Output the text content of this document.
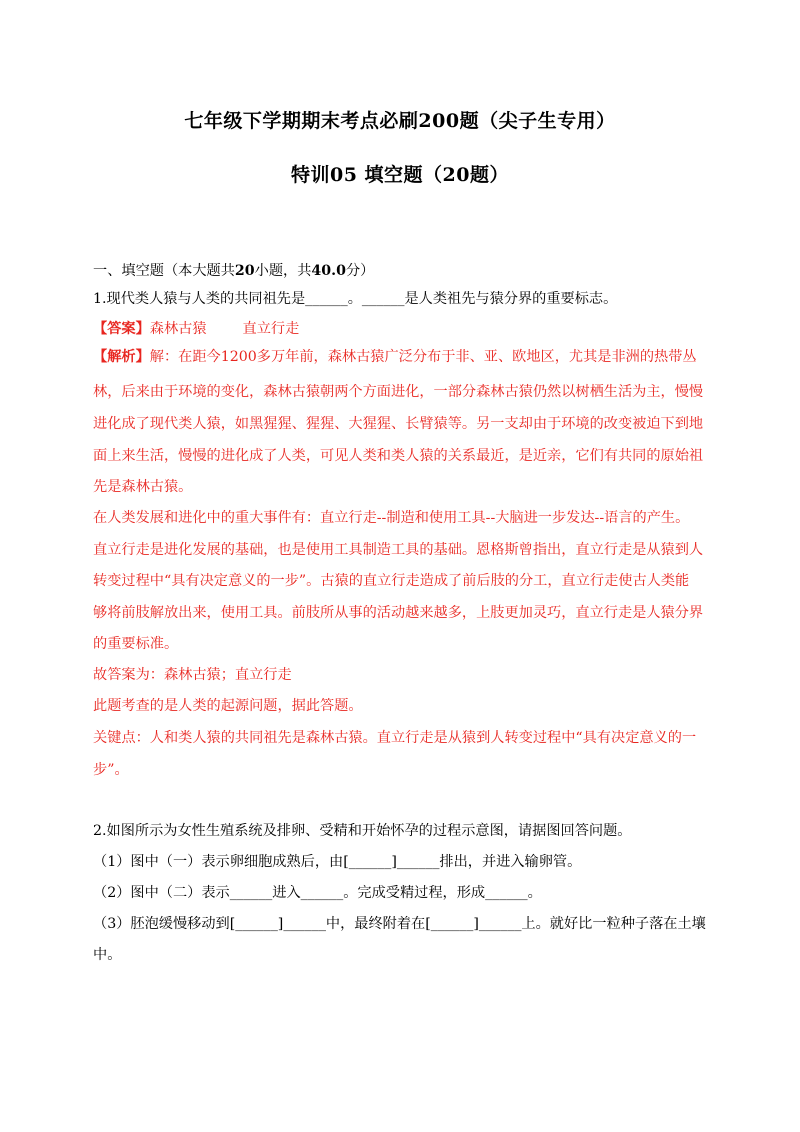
七年级下学期期末考点必刷200题（尖子生专用）
特训05 填空题（20题）
一、填空题（本大题共20小题，共40.0分）
1.现代类人猿与人类的共同祖先是______。______是人类祖先与猿分界的重要标志。
【答案】森林古猿	直立行走
【解析】解：在距今1200多万年前，森林古猿广泛分布于非、亚、欧地区，尤其是非洲的热带丛
林，后来由于环境的变化，森林古猿朝两个方面进化，一部分森林古猿仍然以树栖生活为主，慢慢
进化成了现代类人猿，如黑猩猩、猩猩、大猩猩、长臂猿等。另一支却由于环境的改变被迫下到地
面上来生活，慢慢的进化成了人类，可见人类和类人猿的关系最近，是近亲，它们有共同的原始祖
先是森林古猿。
在人类发展和进化中的重大事件有：直立行走--制造和使用工具--大脑进一步发达--语言的产生。
直立行走是进化发展的基础，也是使用工具制造工具的基础。恩格斯曾指出，直立行走是从猿到人
转变过程中“具有决定意义的一步”。古猿的直立行走造成了前后肢的分工，直立行走使古人类能
够将前肢解放出来，使用工具。前肢所从事的活动越来越多，上肢更加灵巧，直立行走是人猿分界
的重要标准。
故答案为：森林古猿；直立行走
此题考查的是人类的起源问题，据此答题。
关键点：人和类人猿的共同祖先是森林古猿。直立行走是从猿到人转变过程中“具有决定意义的一
步”。
2.如图所示为女性生殖系统及排卵、受精和开始怀孕的过程示意图，请据图回答问题。
（1）图中（一）表示卵细胞成熟后，由[______]______排出，并进入输卵管。
（2）图中（二）表示______进入______。完成受精过程，形成______。
（3）胚泡缓慢移动到[______]______中，最终附着在[______]______上。就好比一粒种子落在土壤
中。
